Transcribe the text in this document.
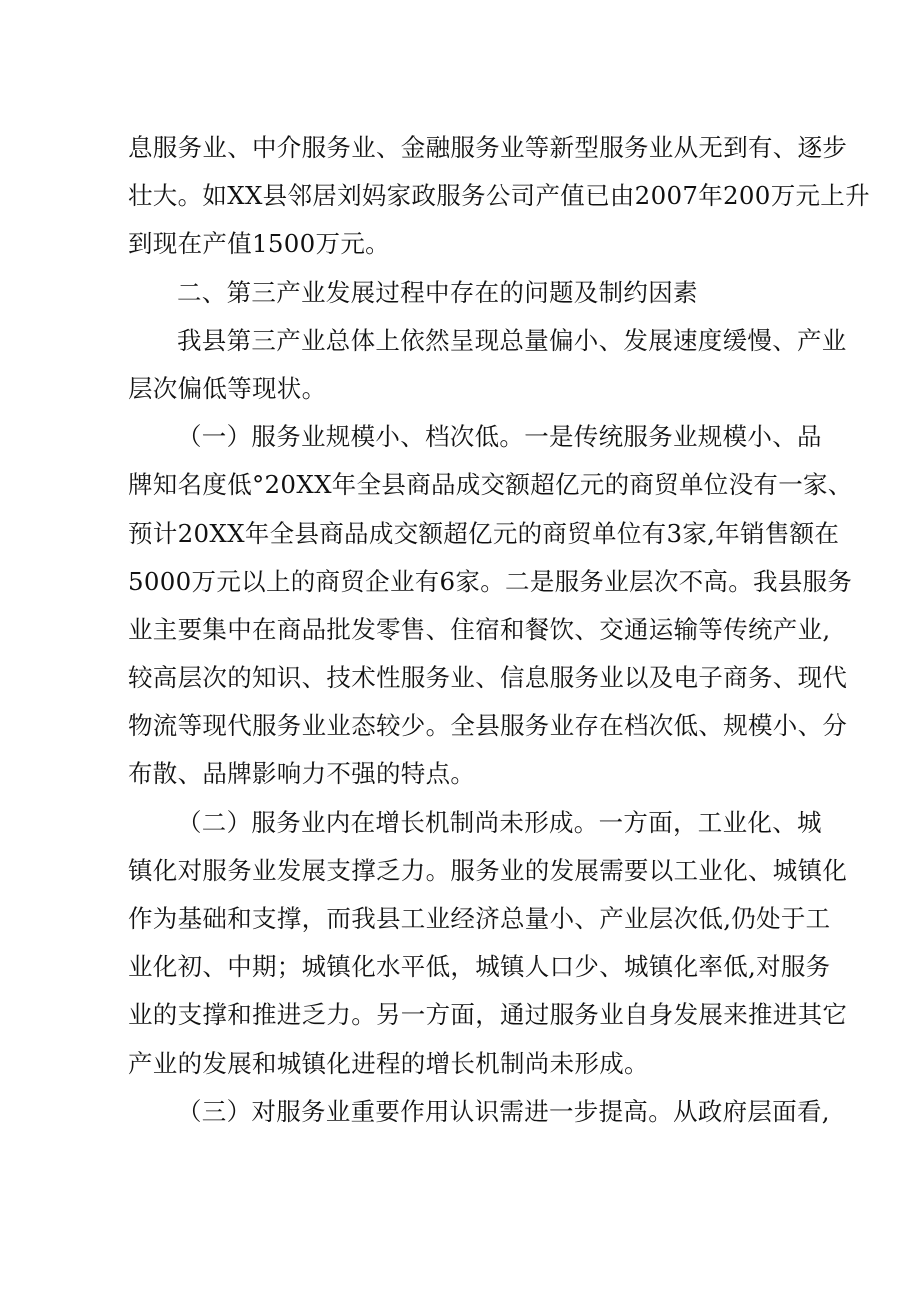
息服务业、中介服务业、金融服务业等新型服务业从无到有、逐步
壮大。如XX县邻居刘妈家政服务公司产值已由2007年200万元上升
到现在产值1500万元。
二、第三产业发展过程中存在的问题及制约因素
我县第三产业总体上依然呈现总量偏小、发展速度缓慢、产业
层次偏低等现状。
（一）服务业规模小、档次低。一是传统服务业规模小、品
牌知名度低°20XX年全县商品成交额超亿元的商贸单位没有一家、
预计20XX年全县商品成交额超亿元的商贸单位有3家,年销售额在
5000万元以上的商贸企业有6家。二是服务业层次不高。我县服务
业主要集中在商品批发零售、住宿和餐饮、交通运输等传统产业,
较高层次的知识、技术性服务业、信息服务业以及电子商务、现代
物流等现代服务业业态较少。全县服务业存在档次低、规模小、分
布散、品牌影响力不强的特点。
（二）服务业内在增长机制尚未形成。一方面，工业化、城
镇化对服务业发展支撑乏力。服务业的发展需要以工业化、城镇化
作为基础和支撑，而我县工业经济总量小、产业层次低,仍处于工
业化初、中期；城镇化水平低，城镇人口少、城镇化率低,对服务
业的支撑和推进乏力。另一方面，通过服务业自身发展来推进其它
产业的发展和城镇化进程的增长机制尚未形成。
（三）对服务业重要作用认识需进一步提高。从政府层面看,
